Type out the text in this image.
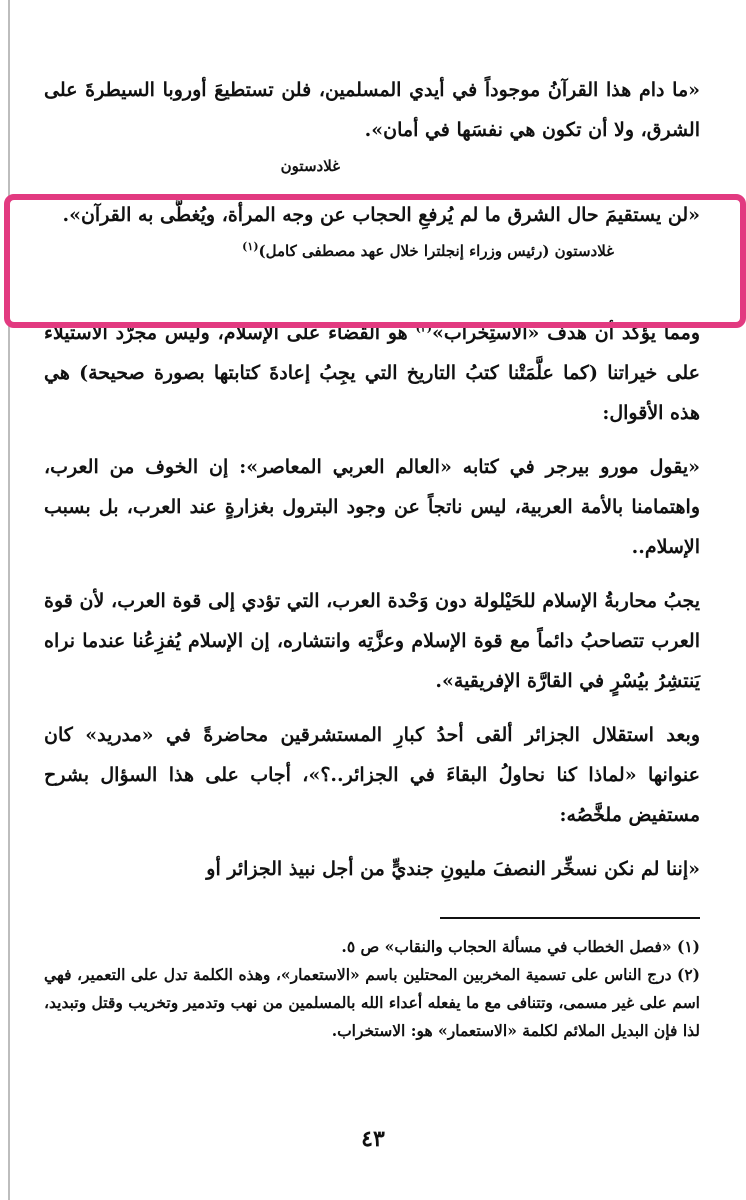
«ما دام هذا القرآنُ موجوداً في أيدي المسلمين، فلن تستطيعَ أوروبا السيطرةَ على الشرق، ولا أن تكون هي نفسَها في أمان».

غلادستون

«لن يستقيمَ حال الشرق ما لم يُرفعِ الحجاب عن وجه المرأة، ويُغطَّى به القرآن».

غلادستون (رئيس وزراء إنجلترا خلال عهد مصطفى كامل)$^{(١)}$

ومما يؤكد أن هدف «الاستِخْراب»$^{(٢)}$ هو القضاءُ على الإسلام، وليس مجرَّد الاستيلاء على خيراتنا (كما علَّمَتْنا كتبُ التاريخ التي يجِبُ إعادةَ كتابتها بصورة صحيحة) هي هذه الأقوال:

«يقول مورو بيرجر في كتابه «العالم العربي المعاصر»: إن الخوف من العرب، واهتمامنا بالأمة العربية، ليس ناتجاً عن وجود البترول بغزارةٍ عند العرب، بل بسبب الإسلام..

يجبُ محاربةُ الإسلام للحَيْلولة دون وَحْدة العرب، التي تؤدي إلى قوة العرب، لأن قوة العرب تتصاحبُ دائماً مع قوة الإسلام وعزَّتِه وانتشاره، إن الإسلام يُفزِعُنا عندما نراه يَنتشِرُ بيُسْرٍ في القارَّة الإفريقية».

وبعد استقلال الجزائر ألقى أحدُ كبارِ المستشرقين محاضرةً في «مدريد» كان عنوانها «لماذا كنا نحاولُ البقاءَ في الجزائر..؟»، أجاب على هذا السؤال بشرح مستفيض ملخَّصُه:

«إننا لم نكن نسخِّر النصفَ مليونِ جنديٍّ من أجل نبيذ الجزائر أو

(١) «فصل الخطاب في مسألة الحجاب والنقاب» ص ٥.

(٢) درج الناس على تسمية المخربين المحتلين باسم «الاستعمار»، وهذه الكلمة تدل على التعمير، فهي اسم على غير مسمى، وتتنافى مع ما يفعله أعداء الله بالمسلمين من نهب وتدمير وتخريب وقتل وتبديد، لذا فإن البديل الملائم لكلمة «الاستعمار» هو: الاستخراب.

٤٣
